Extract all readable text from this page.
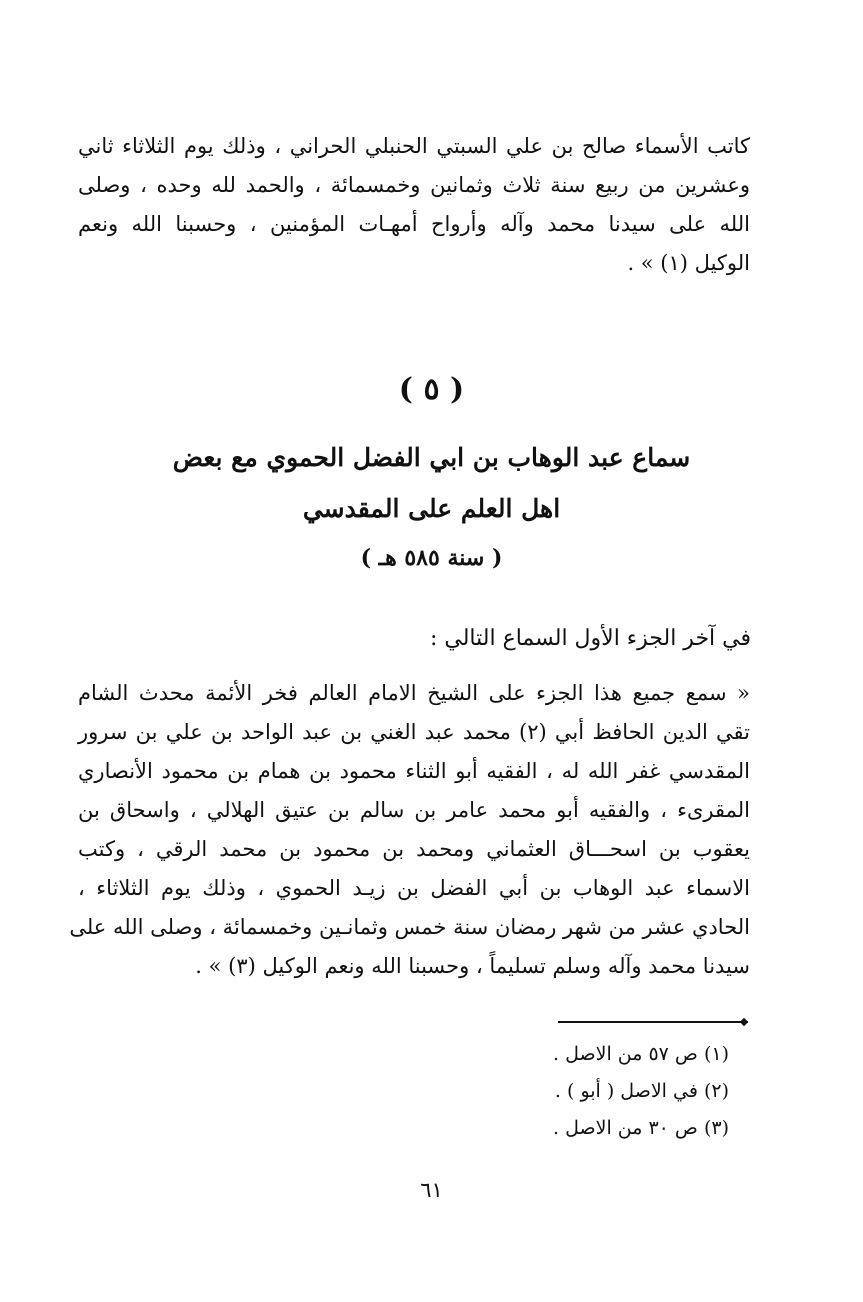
كاتب الأسماء صالح بن علي السبتي الحنبلي الحراني ، وذلك يوم الثلاثاء ثاني
وعشرين من ربيع سنة ثلاث وثمانين وخمسمائة ، والحمد لله وحده ، وصلى
الله على سيدنا محمد وآله وأرواح أمهـات المؤمنين ، وحسبنا الله ونعم
الوكيل (١) » .
( ٥ )
سماع عبد الوهاب بن ابي الفضل الحموي مع بعض
اهل العلم على المقدسي
( سنة ٥٨٥ هـ )
في آخر الجزء الأول السماع التالي :
« سمع جميع هذا الجزء على الشيخ الامام العالم فخر الأئمة محدث الشام
تقي الدين الحافظ أبي (٢) محمد عبد الغني بن عبد الواحد بن علي بن سرور
المقدسي غفر الله له ، الفقيه أبو الثناء محمود بن همام بن محمود الأنصاري
المقرىء ، والفقيه أبو محمد عامر بن سالم بن عتيق الهلالي ، واسحاق بن
يعقوب بن اسحـــاق العثماني ومحمد بن محمود بن محمد الرقي ، وكتب
الاسماء عبد الوهاب بن أبي الفضل بن زيـد الحموي ، وذلك يوم الثلاثاء ،
الحادي عشر من شهر رمضان سنة خمس وثمانـين وخمسمائة ، وصلى الله على
سيدنا محمد وآله وسلم تسليماً ، وحسبنا الله ونعم الوكيل (٣) » .
(١) ص ٥٧ من الاصل .
(٢) في الاصل ( أبو ) .
(٣) ص ٣٠ من الاصل .
٦١
